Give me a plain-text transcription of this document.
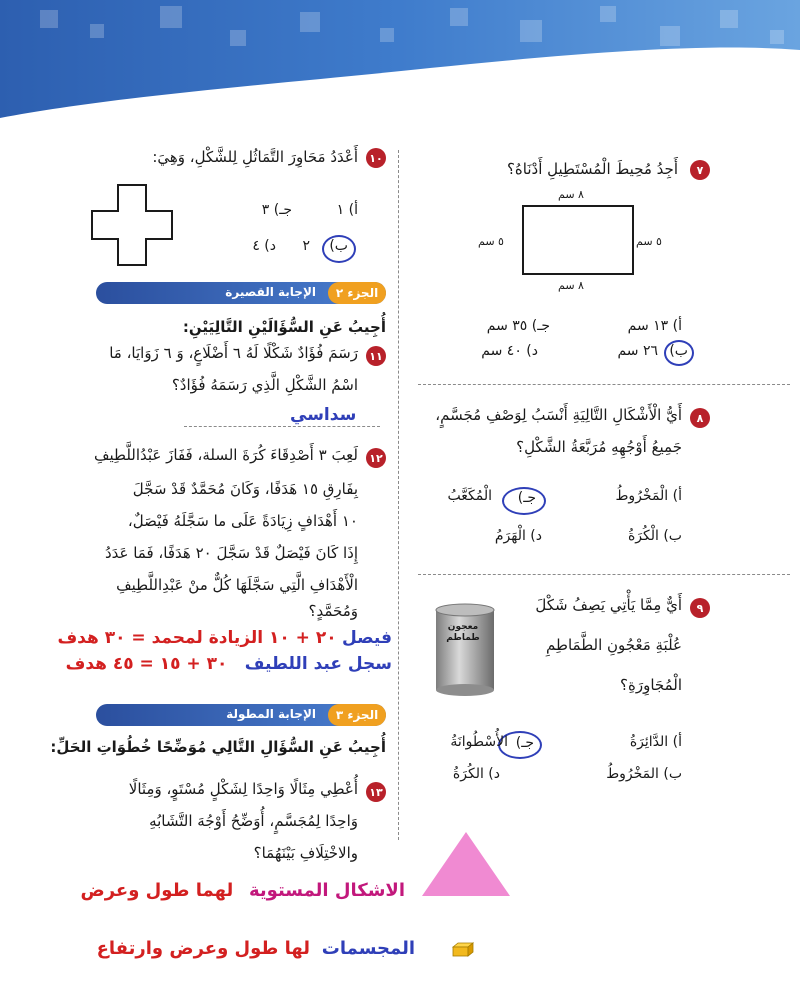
٧
أَجِدُ مُحِيطَ الْمُسْتَطِيلِ أَدْنَاهُ؟
٨ سم
٨ سم
٥ سم	٥ سم
أ) ١٣ سم
جـ) ٣٥ سم
ب)
٢٦ سم
د) ٤٠ سم
٨
أَيُّ الْأَشْكَالِ التَّالِيَةِ أَنْسَبُ لِوَصْفِ مُجَسَّمٍ،
جَمِيعُ أَوْجُهِهِ مُرَبَّعَةُ الشَّكْلِ؟
أ) الْمَخْرُوطُ
جـ)
الْمُكَعَّبُ
ب) الْكُرَةُ
د) الْهَرَمُ
٩
أَيٌّ مِمَّا يَأْتِي يَصِفُ شَكْلَ
عُلْبَةِ مَعْجُونِ الطَّمَاطِمِ
الْمُجَاوِرَةِ؟
معجون طماطم
أ) الدَّائِرَةُ
جـ)
الأُسْطُوانَةُ
ب) المَخْرُوطُ
د) الكُرَةُ
١٠
أَعْدَدُ مَحَاوِرَ التَّمَاثُلِ لِلشَّكْلِ، وَهِيَ:
أ) ١
جـ) ٣
ب)
٢
د) ٤
الجزء ٢
الإجابة القصيرة
أُجِيبُ عَنِ السُّؤَالَيْنِ التَّالِيَيْنِ:
١١
رَسَمَ فُؤَادٌ شَكْلًا لَهُ ٦ أَضْلَاعٍ، وَ ٦ زَوَايَا، مَا
اسْمُ الشَّكْلِ الَّذِي رَسَمَهُ فُؤَادٌ؟
سداسي
١٢
لَعِبَ ٣ أَصْدِقَاءَ كُرَةَ السلة، فَفَازَ عَبْدُاللَّطِيفِ
بِفَارِقِ ١٥ هَدَفًا، وَكَانَ مُحَمَّدٌ قَدْ سَجَّلَ
١٠ أَهْدَافٍ زِيَادَةً عَلَى ما سَجَّلَهُ فَيْصَلٌ،
إِذَا كَانَ فَيْصَلٌ قَدْ سَجَّلَ ٢٠ هَدَفًا، فَمَا عَدَدُ
الْأَهْدَافِ الَّتِي سَجَّلَهَا كُلٌّ منْ عَبْدِاللَّطِيفِ
وَمُحَمَّدٍ؟
فيصل ٢٠ + ١٠ الزيادة لمحمد = ٣٠ هدف
سجل عبد اللطيف ٣٠ + ١٥ = ٤٥ هدف
الجزء ٣
الإجابة المطولة
أُجِيبُ عَنِ السُّؤَالِ التَّالِي مُوَضِّحًا خُطُوَاتِ الحَلِّ:
١٣
أُعْطِي مِثَالًا وَاحِدًا لِشَكْلٍ مُسْتَوٍ، وَمِثَالًا
وَاحِدًا لِمُجَسَّمٍ، أُوَضِّحُ أَوْجُهَ التَّشَابُهِ
والاخْتِلَافِ بَيْنَهُمَا؟
الاشكال المستوية لهما طول وعرض
المجسمات لها طول وعرض وارتفاع
